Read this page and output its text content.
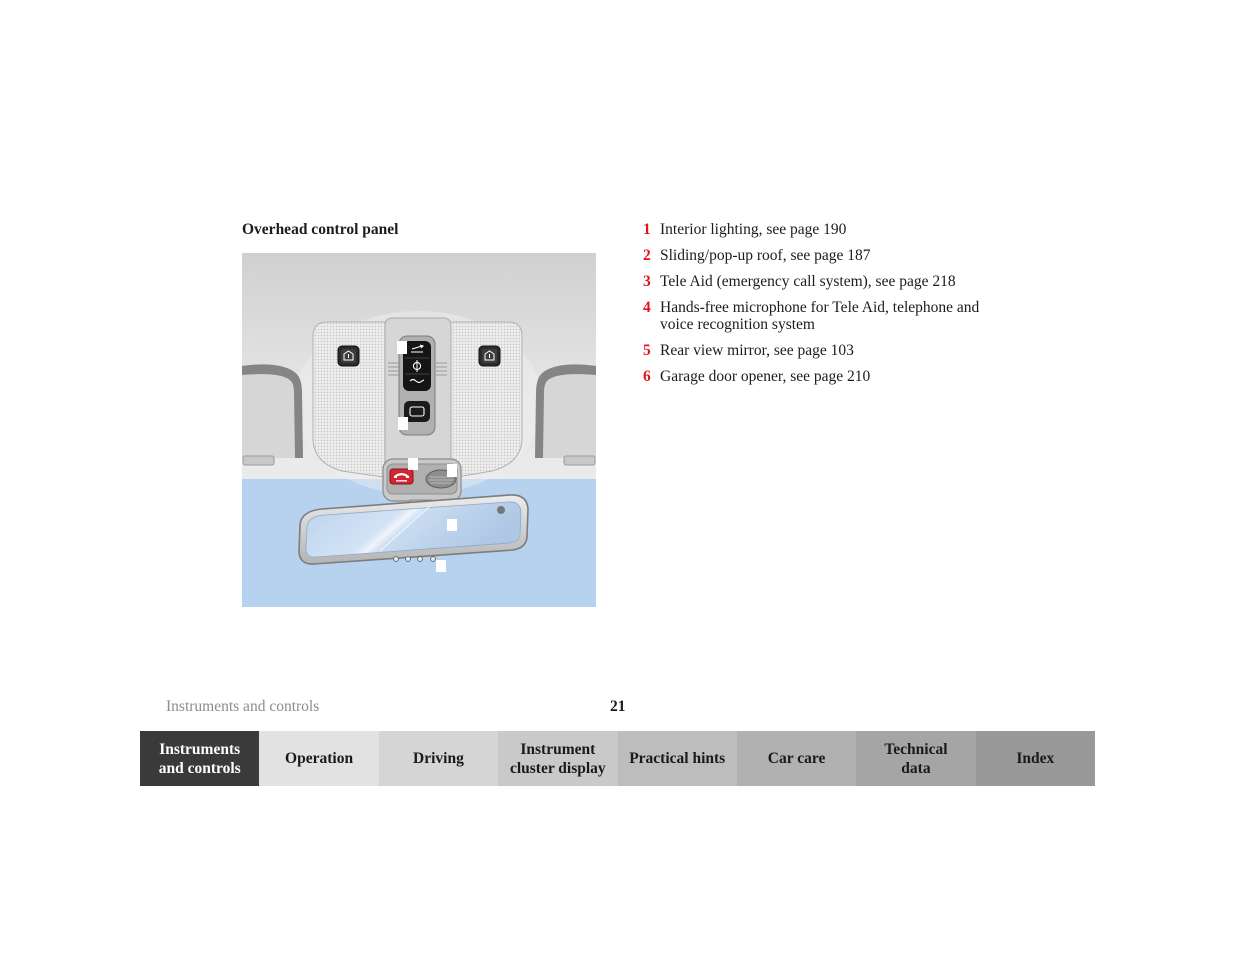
Overhead control panel	1 Interior lighting, see page 190
2 Sliding/pop-up roof, see page 187
3 Tele Aid (emergency call system), see page 218
4 Hands-free microphone for Tele Aid, telephone and voice recognition system
5 Rear view mirror, see page 103
6 Garage door opener, see page 210
Instruments and controls	21
Instruments
and controls
Operation	Driving
Instrument
cluster display
Practical hints	Car care
Technical
data
Index
